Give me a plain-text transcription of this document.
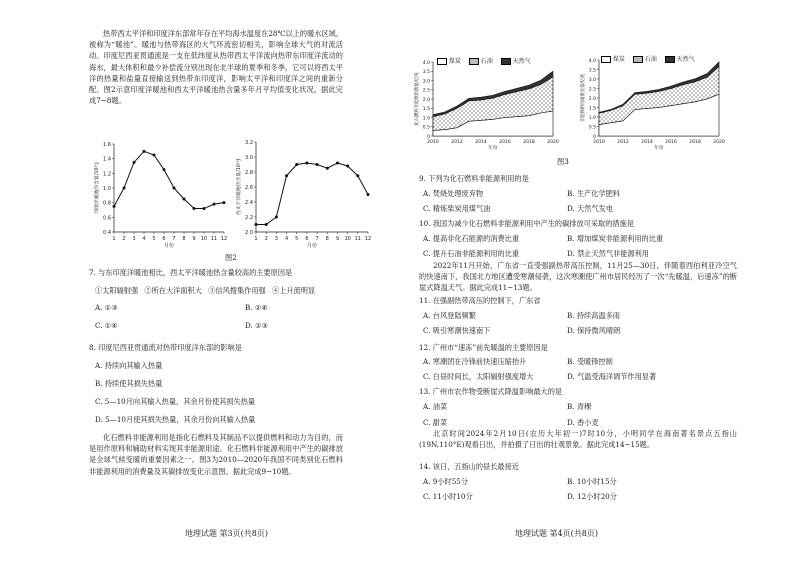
热带西太平洋和印度洋东部常年存在平均海水温度在28℃以上的暖水区域，被称为“暖池”。暖池与热带海区的大气环流密切相关，影响全球大气的对流活动。印度尼西亚贯通流是一支在低纬度从热带西太平洋流向热带东印度洋流动的海水，最大体积和最少补偿流分别出现在北半球的夏季和冬季，它可以将西太平洋的热量和盐量直接输送到热带东印度洋，影响太平洋和印度洋之间的重新分配。图2示意印度洋暖池和西太平洋暖池热含量多年月平均值变化状况，据此完成7~8题。
0.4
0.6
0.8
1.0
1.2
1.4
1.6
1 2 3 4 5 6 7 8 9 10 11 12
月份
印度洋暖池热含量/10²⁰J
2.0
2.2
2.4
2.6
2.8
3.0
3.2
1 2 3 4 5 6 7 8 9 10 11 12
月份
西太平洋暖池热含量/10²⁰J
图2
7. 与东印度洋暖池相比，西太平洋暖池热含量较高的主要原因是
①太阳辐射强 ②所在大洋面积大 ③信风搜集作用强 ④上升流明显
A. ①③	B. ②④
C. ①④	D. ②③
8. 印度尼西亚贯通流对热带印度洋东部的影响是
A. 持续向其输入热量
B. 持续使其损失热量
C. 5—10月向其输入热量，其余月份使其损失热量
D. 5—10月使其损失热量，其余月份向其输入热量
化石燃料非能源利用是指化石燃料及其制品不以提供燃料和动力为目的，而是用作原料和辅助材料实现其非能源用途。化石燃料非能源利用中产生的碳排放是全球气候变暖的重要因素之一。图3为2010—2020年我国不同类别化石燃料非能源利用的消费量及其碳排放变化示意图。据此完成9~10题。
地理试题 第3页(共8页)
煤炭	石油	天然气	煤炭	石油	天然气
0
0.5
1.0
1.5
2.0
2.5
3.0
3.5
4.0
2010	2012	2014	2016	2018	2020
年份
化石燃料非能源消费量/亿吨
0
0.5
1.0
1.5
2.0
2.5
3.0
3.5
4.0
2010	2012	2014	2016	2018	2020
年份
非能源利用碳排放量/亿吨
图3
9. 下列为化石燃料非能源利用的是
A. 焚烧处理废弃物	B. 生产化学肥料
C. 精炼柴炭用煤气油	D. 天然气发电
10. 我国为减少化石燃料非能源利用中产生的碳排放可采取的措施是
A. 提高非化石能源的消费比重	B. 增加煤炭非能源利用的比重
C. 提升石油非能源利用的比重	D. 禁止天然气非能源利用
2022年11月开始，广东省一直受强副热带高压控制，11月25—30日，伴随着西伯利亚冷空气的快速南下，我国北方地区遭受寒潮侵袭，这次寒潮使广州市居民经历了一次“先暖温，后速冻”的断崖式降温天气。据此完成11~13题。
11. 在强副热带高压的控制下，广东省
A. 台风登陆频繁	B. 持续高温多雨
C. 吸引寒潮快速南下	D. 保持微风晴朗
12. 广州市“速冻”前先暖温的主要原因是
A. 寒潮团在冷锋前快速压缩抬升	B. 受暖锋控制
C. 白昼时间长，太阳辐射强度增大	D. 气温受海洋调节作用显著
13. 广州市农作物受断崖式降温影响最大的是
A. 油菜	B. 青稞
C. 甜菜	D. 香小麦
北京时间2024年2月10日(农历大年初一)7时10分，小明同学在海南著名景点五指山(19N,110°E)观看日出，并拍摄了日出的壮观景象。据此完成14~15题。
14. 该日，五指山的昼长最接近
A. 9小时55分	B. 10小时15分
C. 11小时10分	D. 12小时20分
地理试题 第4页(共8页)
